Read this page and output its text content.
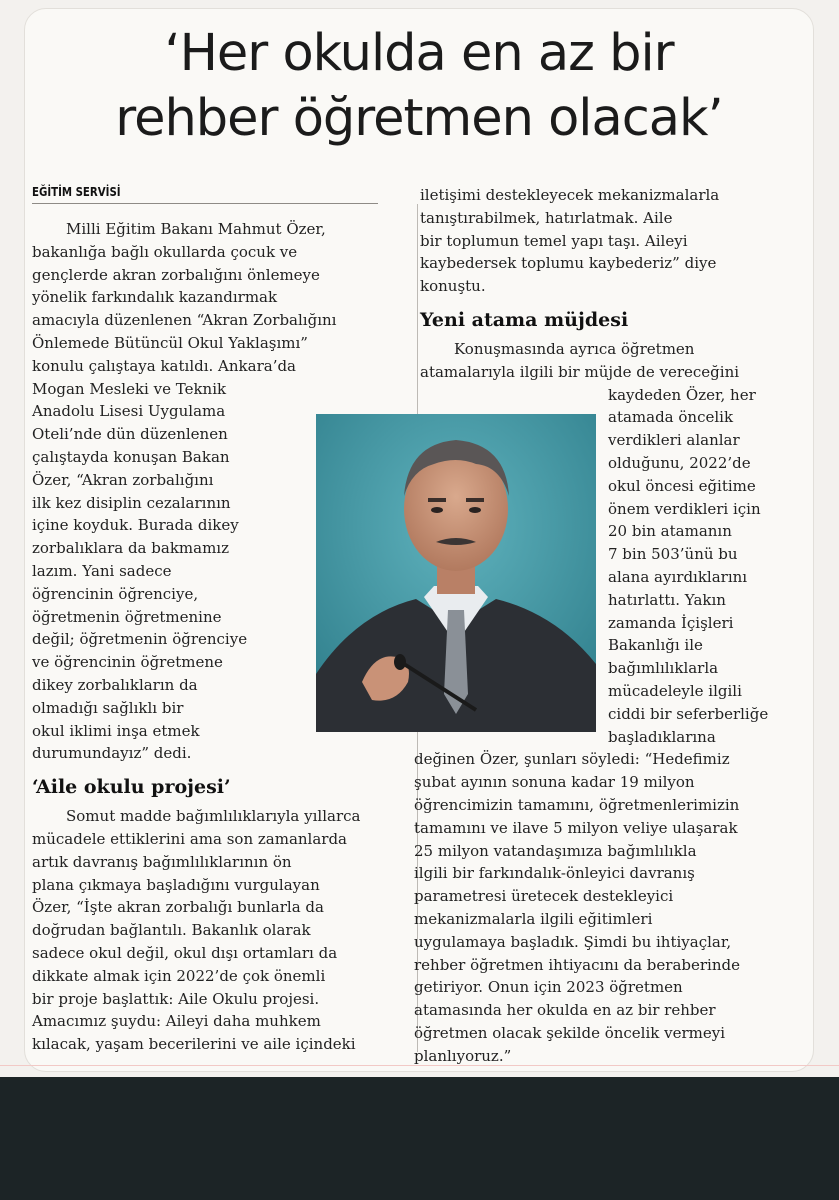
‘Her okulda en az bir
rehber öğretmen olacak’

EĞİTİM SERVİSİ

Milli Eğitim Bakanı Mahmut Özer,
bakanlığa bağlı okullarda çocuk ve
gençlerde akran zorbalığını önlemeye
yönelik farkındalık kazandırmak
amacıyla düzenlenen “Akran Zorbalığını
Önlemede Bütüncül Okul Yaklaşımı”
konulu çalıştaya katıldı. Ankara’da
Mogan Mesleki ve Teknik
Anadolu Lisesi Uygulama
Oteli’nde dün düzenlenen
çalıştayda konuşan Bakan
Özer, “Akran zorbalığını
ilk kez disiplin cezalarının
içine koyduk. Burada dikey
zorbalıklara da bakmamız
lazım. Yani sadece
öğrencinin öğrenciye,
öğretmenin öğretmenine
değil; öğretmenin öğrenciye
ve öğrencinin öğretmene
dikey zorbalıkların da
olmadığı sağlıklı bir
okul iklimi inşa etmek
durumundayız” dedi.

‘Aile okulu projesi’

Somut madde bağımlılıklarıyla yıllarca
mücadele ettiklerini ama son zamanlarda
artık davranış bağımlılıklarının ön
plana çıkmaya başladığını vurgulayan
Özer, “İşte akran zorbalığı bunlarla da
doğrudan bağlantılı. Bakanlık olarak
sadece okul değil, okul dışı ortamları da
dikkate almak için 2022’de çok önemli
bir proje başlattık: Aile Okulu projesi.
Amacımız şuydu: Aileyi daha muhkem
kılacak, yaşam becerilerini ve aile içindeki
iletişimi destekleyecek mekanizmalarla
tanıştırabilmek, hatırlatmak. Aile
bir toplumun temel yapı taşı. Aileyi
kaybedersek toplumu kaybederiz” diye
konuştu.

Yeni atama müjdesi

Konuşmasında ayrıca öğretmen
atamalarıyla ilgili bir müjde de vereceğini
kaydeden Özer, her
atamada öncelik
verdikleri alanlar
olduğunu, 2022’de
okul öncesi eğitime
önem verdikleri için
20 bin atamanın
7 bin 503’ünü bu
alana ayırdıklarını
hatırlattı. Yakın
zamanda İçişleri
Bakanlığı ile
bağımlılıklarla
mücadeleyle ilgili
ciddi bir seferberliğe
başladıklarına
değinen Özer, şunları söyledi: “Hedefimiz
şubat ayının sonuna kadar 19 milyon
öğrencimizin tamamını, öğretmenlerimizin
tamamını ve ilave 5 milyon veliye ulaşarak
25 milyon vatandaşımıza bağımlılıkla
ilgili bir farkındalık-önleyici davranış
parametresi üretecek destekleyici
mekanizmalarla ilgili eğitimleri
uygulamaya başladık. Şimdi bu ihtiyaçlar,
rehber öğretmen ihtiyacını da beraberinde
getiriyor. Onun için 2023 öğretmen
atamasında her okulda en az bir rehber
öğretmen olacak şekilde öncelik vermeyi
planlıyoruz.”
